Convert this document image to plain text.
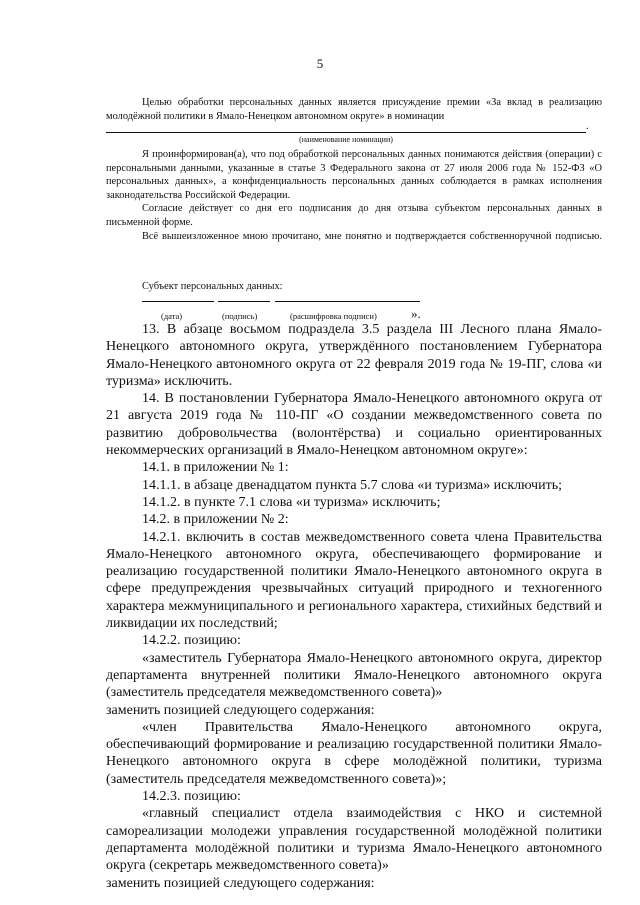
5

Целью обработки персональных данных является присуждение премии «За вклад в реализацию молодёжной политики в Ямало-Ненецком автономном округе» в номинации

.
(наименование номинации)

Я проинформирован(а), что под обработкой персональных данных понимаются действия (операции) с персональными данными, указанные в статье 3 Федерального закона от 27 июля 2006 года № 152-ФЗ «О персональных данных», а конфиденциальность персональных данных соблюдается в рамках исполнения законодательства Российской Федерации.

Согласие действует со дня его подписания до дня отзыва субъектом персональных данных в письменной форме.

Всё вышеизложенное мною прочитано, мне понятно и подтверждается собственноручной подписью.

Субъект персональных данных:
(дата)	(подпись)	(расшифровка подписи)	».

13. В абзаце восьмом подраздела 3.5 раздела III Лесного плана Ямало-Ненецкого автономного округа, утверждённого постановлением Губернатора Ямало-Ненецкого автономного округа от 22 февраля 2019 года № 19-ПГ, слова «и туризма» исключить.

14. В постановлении Губернатора Ямало-Ненецкого автономного округа от 21 августа 2019 года № 110-ПГ «О создании межведомственного совета по развитию добровольчества (волонтёрства) и социально ориентированных некоммерческих организаций в Ямало-Ненецком автономном округе»:

14.1. в приложении № 1:

14.1.1. в абзаце двенадцатом пункта 5.7 слова «и туризма» исключить;

14.1.2. в пункте 7.1 слова «и туризма» исключить;

14.2. в приложении № 2:

14.2.1. включить в состав межведомственного совета члена Правительства Ямало-Ненецкого автономного округа, обеспечивающего формирование и реализацию государственной политики Ямало-Ненецкого автономного округа в сфере предупреждения чрезвычайных ситуаций природного и техногенного характера межмуниципального и регионального характера, стихийных бедствий и ликвидации их последствий;

14.2.2. позицию:

«заместитель Губернатора Ямало-Ненецкого автономного округа, директор департамента внутренней политики Ямало-Ненецкого автономного округа (заместитель председателя межведомственного совета)»

заменить позицией следующего содержания:

«член Правительства Ямало-Ненецкого автономного округа, обеспечивающий формирование и реализацию государственной политики Ямало-Ненецкого автономного округа в сфере молодёжной политики, туризма (заместитель председателя межведомственного совета)»;

14.2.3. позицию:

«главный специалист отдела взаимодействия с НКО и системной самореализации молодежи управления государственной молодёжной политики департамента молодёжной политики и туризма Ямало-Ненецкого автономного округа (секретарь межведомственного совета)»

заменить позицией следующего содержания:
